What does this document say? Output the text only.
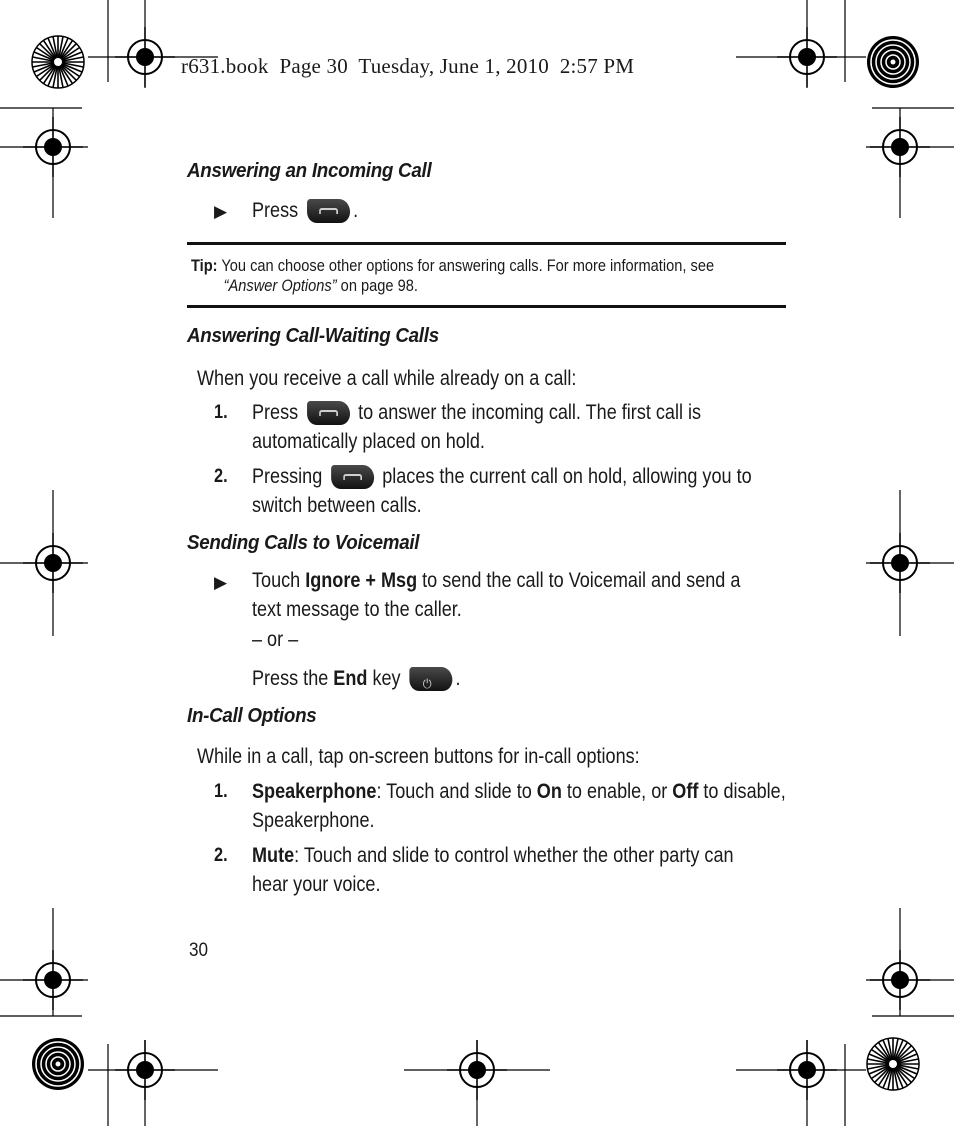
r631.book  Page 30  Tuesday, June 1, 2010  2:57 PM
Answering an Incoming Call
▶ Press	.
Tip: You can choose other options for answering calls. For more information, see
“Answer Options” on page 98.
Answering Call-Waiting Calls
When you receive a call while already on a call:
1. Press	to answer the incoming call. The first call is
automatically placed on hold.
2. Pressing	places the current call on hold, allowing you to
switch between calls.
Sending Calls to Voicemail
▶ Touch Ignore + Msg to send the call to Voicemail and send a
text message to the caller.
– or –
Press the End key ⏻	.
In-Call Options
While in a call, tap on-screen buttons for in-call options:
1. Speakerphone: Touch and slide to On to enable, or Off to disable,
Speakerphone.
2. Mute: Touch and slide to control whether the other party can
hear your voice.
30
